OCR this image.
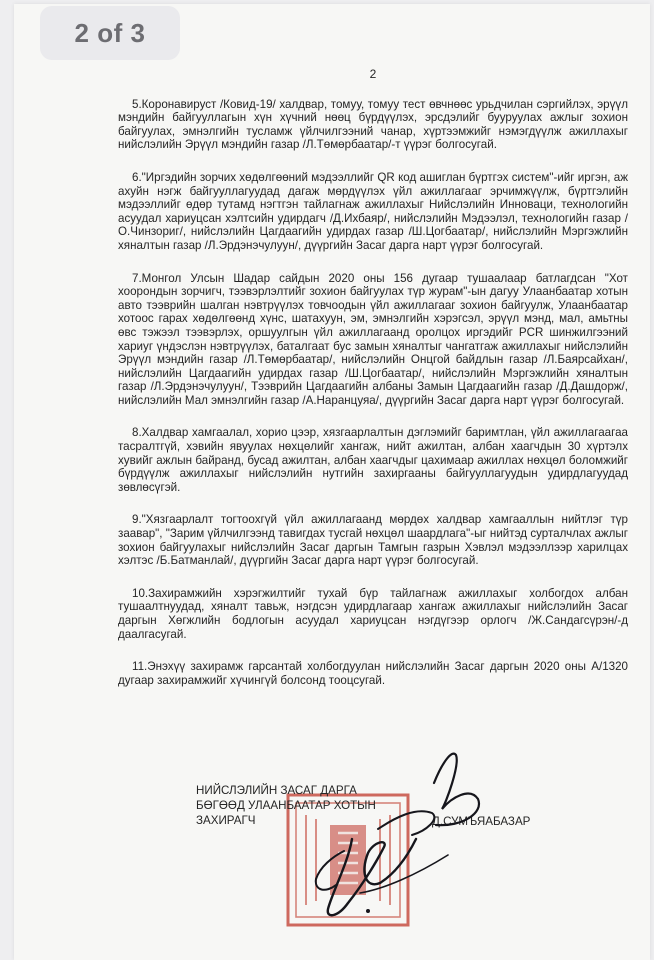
2

5.Коронавируст /Ковид-19/ халдвар, томуу, томуу тест өвчнөөс урьдчилан сэргийлэх, эрүүл мэндийн байгууллагын хүн хүчний нөөц бүрдүүлэх, эрсдэлийг бууруулах ажлыг зохион байгуулах, эмнэлгийн тусламж үйлчилгээний чанар, хүртээмжийг нэмэгдүүлж ажиллахыг нийслэлийн Эрүүл мэндийн газар /Л.Төмөрбаатар/-т үүрэг болгосугай.

6."Иргэдийн зорчих хөдөлгөөний мэдээллийг QR код ашиглан бүртгэх систем"-ийг иргэн, аж ахуйн нэгж байгууллагуудад дагаж мөрдүүлэх үйл ажиллагааг эрчимжүүлж, бүртгэлийн мэдээллийг өдөр тутамд нэгтгэн тайлагнаж ажиллахыг Нийслэлийн Инноваци, технологийн асуудал хариуцсан хэлтсийн удирдагч /Д.Ихбаяр/, нийслэлийн Мэдээлэл, технологийн газар /О.Чинзориг/, нийслэлийн Цагдаагийн удирдах газар /Ш.Цогбаатар/, нийслэлийн Мэргэжлийн хяналтын газар /Л.Эрдэнэчулуун/, дүүргийн Засаг дарга нарт үүрэг болгосугай.

7.Монгол Улсын Шадар сайдын 2020 оны 156 дугаар тушаалаар батлагдсан "Хот хоорондын зорчигч, тээвэрлэлтийг зохион байгуулах түр журам"-ын дагуу Улаанбаатар хотын авто тээврийн шалган нэвтрүүлэх товчоодын үйл ажиллагааг зохион байгуулж, Улаанбаатар хотоос гарах хөдөлгөөнд хүнс, шатахуун, эм, эмнэлгийн хэрэгсэл, эрүүл мэнд, мал, амьтны өвс тэжээл тээвэрлэх, оршуулгын үйл ажиллагаанд оролцох иргэдийг PCR шинжилгээний хариуг үндэслэн нэвтрүүлэх, баталгаат бус замын хяналтыг чангатгаж ажиллахыг нийслэлийн Эрүүл мэндийн газар /Л.Төмөрбаатар/, нийслэлийн Онцгой байдлын газар /Л.Баярсайхан/, нийслэлийн Цагдаагийн удирдах газар /Ш.Цогбаатар/, нийслэлийн Мэргэжлийн хяналтын газар /Л.Эрдэнэчулуун/, Тээврийн Цагдаагийн албаны Замын Цагдаагийн газар /Д.Дашдорж/, нийслэлийн Мал эмнэлгийн газар /А.Наранцуяа/, дүүргийн Засаг дарга нарт үүрэг болгосугай.

8.Халдвар хамгаалал, хорио цээр, хязгаарлалтын дэглэмийг баримтлан, үйл ажиллагаагаа тасралтгүй, хэвийн явуулах нөхцөлийг хангаж, нийт ажилтан, албан хаагчдын 30 хүртэлх хувийг ажлын байранд, бусад ажилтан, албан хаагчдыг цахимаар ажиллах нөхцөл боломжийг бүрдүүлж ажиллахыг нийслэлийн нутгийн захиргааны байгууллагуудын удирдлагуудад зөвлөсүгэй.

9."Хязгаарлалт тогтоохгүй үйл ажиллагаанд мөрдөх халдвар хамгааллын нийтлэг түр заавар", "Зарим үйлчилгээнд тавигдах тусгай нөхцөл шаардлага"-ыг нийтэд сурталчлах ажлыг зохион байгуулахыг нийслэлийн Засаг даргын Тамгын газрын Хэвлэл мэдээллээр харилцах хэлтэс /Б.Батманлай/, дүүргийн Засаг дарга нарт үүрэг болгосугай.

10.Захирамжийн хэрэгжилтийг тухай бүр тайлагнаж ажиллахыг холбогдох албан тушаалтнуудад, хяналт тавьж, нэгдсэн удирдлагаар хангаж ажиллахыг нийслэлийн Засаг даргын Хөгжлийн бодлогын асуудал хариуцсан нэгдүгээр орлогч /Ж.Сандагсүрэн/-д даалгасугай.

11.Энэхүү захирамж гарсантай холбогдуулан нийслэлийн Засаг даргын 2020 оны А/1320 дугаар захирамжийг хүчингүй болсонд тооцсугай.

2 of 3
НИЙСЛЭЛИЙН ЗАСАГ ДАРГА
БӨГӨӨД УЛААНБААТАР ХОТЫН
ЗАХИРАГЧ	Д.СУМЪЯАБАЗАР
